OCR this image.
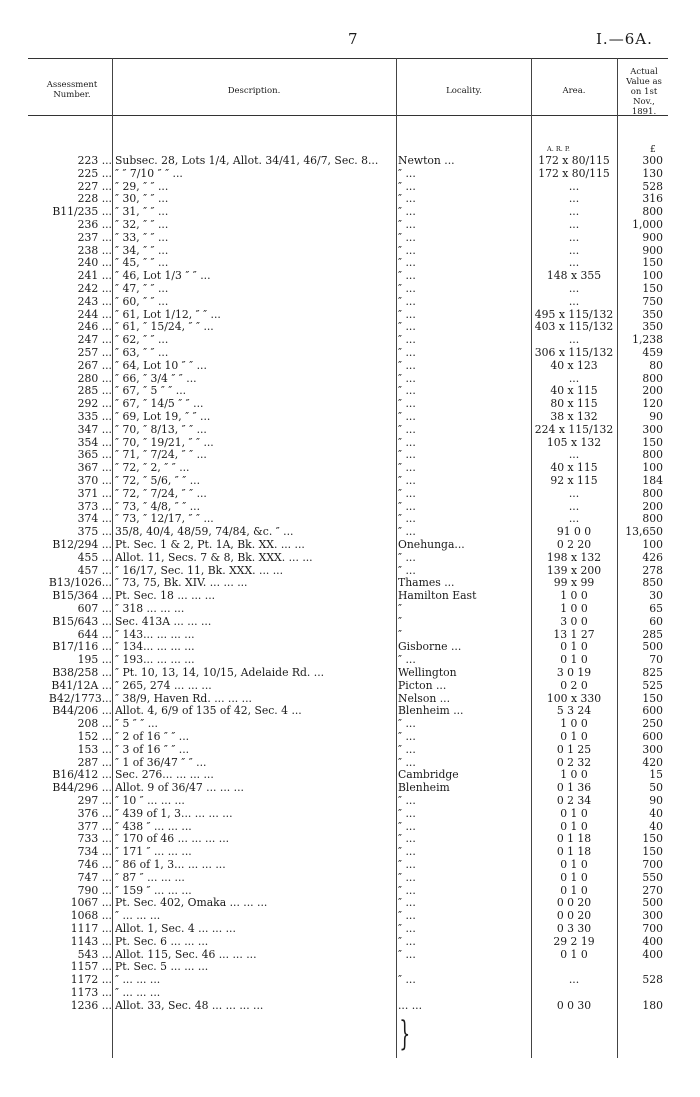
7	I.—6A.
Assessment Number.	Description.	Locality.	Area.
Actual Value as on 1st Nov., 1891.
A. R. P.	£
223 ... Subsec. 28, Lots 1/4, Allot. 34/41, 46/7, Sec. 8...	Newton ...	172 x 80/115	300
225 ... ″ ″ 7/10 ″ ″ ...	″ ...	172 x 80/115	130
227 ... ″ 29, ″ ″ ...	″ ...	...	528
228 ... ″ 30, ″ ″ ...	″ ...	...	316
B11/235 ... ″ 31, ″ ″ ...	″ ...	...	800
236 ... ″ 32, ″ ″ ...	″ ...	...	1,000
237 ... ″ 33, ″ ″ ...	″ ...	...	900
238 ... ″ 34, ″ ″ ...	″ ...	...	900
240 ... ″ 45, ″ ″ ...	″ ...	...	150
241 ... ″ 46, Lot 1/3 ″ ″ ...	″ ...	148 x 355	100
242 ... ″ 47, ″ ″ ...	″ ...	...	150
243 ... ″ 60, ″ ″ ...	″ ...	...	750
244 ... ″ 61, Lot 1/12, ″ ″ ...	″ ...	495 x 115/132	350
246 ... ″ 61, ″ 15/24, ″ ″ ...	″ ...	403 x 115/132	350
247 ... ″ 62, ″ ″ ...	″ ...	...	1,238
257 ... ″ 63, ″ ″ ...	″ ...	306 x 115/132	459
267 ... ″ 64, Lot 10 ″ ″ ...	″ ...	40 x 123	80
280 ... ″ 66, ″ 3/4 ″ ″ ...	″ ...	...	800
285 ... ″ 67, ″ 5 ″ ″ ...	″ ...	40 x 115	200
292 ... ″ 67, ″ 14/5 ″ ″ ...	″ ...	80 x 115	120
335 ... ″ 69, Lot 19, ″ ″ ...	″ ...	38 x 132	90
347 ... ″ 70, ″ 8/13, ″ ″ ...	″ ...	224 x 115/132	300
354 ... ″ 70, ″ 19/21, ″ ″ ...	″ ...	105 x 132	150
365 ... ″ 71, ″ 7/24, ″ ″ ...	″ ...	...	800
367 ... ″ 72, ″ 2, ″ ″ ...	″ ...	40 x 115	100
370 ... ″ 72, ″ 5/6, ″ ″ ...	″ ...	92 x 115	184
371 ... ″ 72, ″ 7/24, ″ ″ ...	″ ...	...	800
373 ... ″ 73, ″ 4/8, ″ ″ ...	″ ...	...	200
374 ... ″ 73, ″ 12/17, ″ ″ ...	″ ...	...	800
375 ... 35/8, 40/4, 48/59, 74/84, &c. ″ ...	″ ...	91 0 0	13,650
B12/294 ... Pt. Sec. 1 & 2, Pt. 1A, Bk. XX. ... ...	Onehunga...	0 2 20	100
455 ... Allot. 11, Secs. 7 & 8, Bk. XXX. ... ...	″ ...	198 x 132	426
457 ... ″ 16/17, Sec. 11, Bk. XXX. ... ...	″ ...	139 x 200	278
B13/1026... ″ 73, 75, Bk. XIV. ... ... ...	Thames ...	99 x 99	850
B15/364 ... Pt. Sec. 18 ... ... ...	Hamilton East	1 0 0	30
607 ... ″ 318 ... ... ...	″	1 0 0	65
B15/643 ... Sec. 413A ... ... ...	″	3 0 0	60
644 ... ″ 143... ... ... ...	″	13 1 27	285
B17/116 ... ″ 134... ... ... ...	Gisborne ...	0 1 0	500
195 ... ″ 193... ... ... ...	″ ...	0 1 0	70
B38/258 ... ″ Pt. 10, 13, 14, 10/15, Adelaide Rd. ...	Wellington	3 0 19	825
B41/12A ... ″ 265, 274 ... ... ...	Picton ...	0 2 0	525
B42/1773... ″ 38/9, Haven Rd. ... ... ...	Nelson ...	100 x 330	150
B44/206 ... Allot. 4, 6/9 of 135 of 42, Sec. 4 ...	Blenheim ...	5 3 24	600
208 ... ″ 5 ″ ″ ...	″ ...	1 0 0	250
152 ... ″ 2 of 16 ″ ″ ...	″ ...	0 1 0	600
153 ... ″ 3 of 16 ″ ″ ...	″ ...	0 1 25	300
287 ... ″ 1 of 36/47 ″ ″ ...	″ ...	0 2 32	420
B16/412 ... Sec. 276... ... ... ...	Cambridge	1 0 0	15
B44/296 ... Allot. 9 of 36/47 ... ... ...	Blenheim	0 1 36	50
297 ... ″ 10 ″ ... ... ...	″ ...	0 2 34	90
376 ... ″ 439 of 1, 3... ... ... ...	″ ...	0 1 0	40
377 ... ″ 438 ″ ... ... ...	″ ...	0 1 0	40
733 ... ″ 170 of 46 ... ... ... ...	″ ...	0 1 18	150
734 ... ″ 171 ″ ... ... ...	″ ...	0 1 18	150
746 ... ″ 86 of 1, 3... ... ... ...	″ ...	0 1 0	700
747 ... ″ 87 ″ ... ... ...	″ ...	0 1 0	550
790 ... ″ 159 ″ ... ... ...	″ ...	0 1 0	270
1067 ... Pt. Sec. 402, Omaka ... ... ...	″ ...	0 0 20	500
1068 ... ″ ... ... ...	″ ...	0 0 20	300
1117 ... Allot. 1, Sec. 4 ... ... ...	″ ...	0 3 30	700
1143 ... Pt. Sec. 6 ... ... ...	″ ...	29 2 19	400
543 ... Allot. 115, Sec. 46 ... ... ...	″ ...	0 1 0	400
1157 ... Pt. Sec. 5 ... ... ...
1172 ... ″ ... ... ...	″ ...	...	528
1173 ... ″ ... ... ...
1236 ... Allot. 33, Sec. 48 ... ... ... ...	... ...	0 0 30	180
}
